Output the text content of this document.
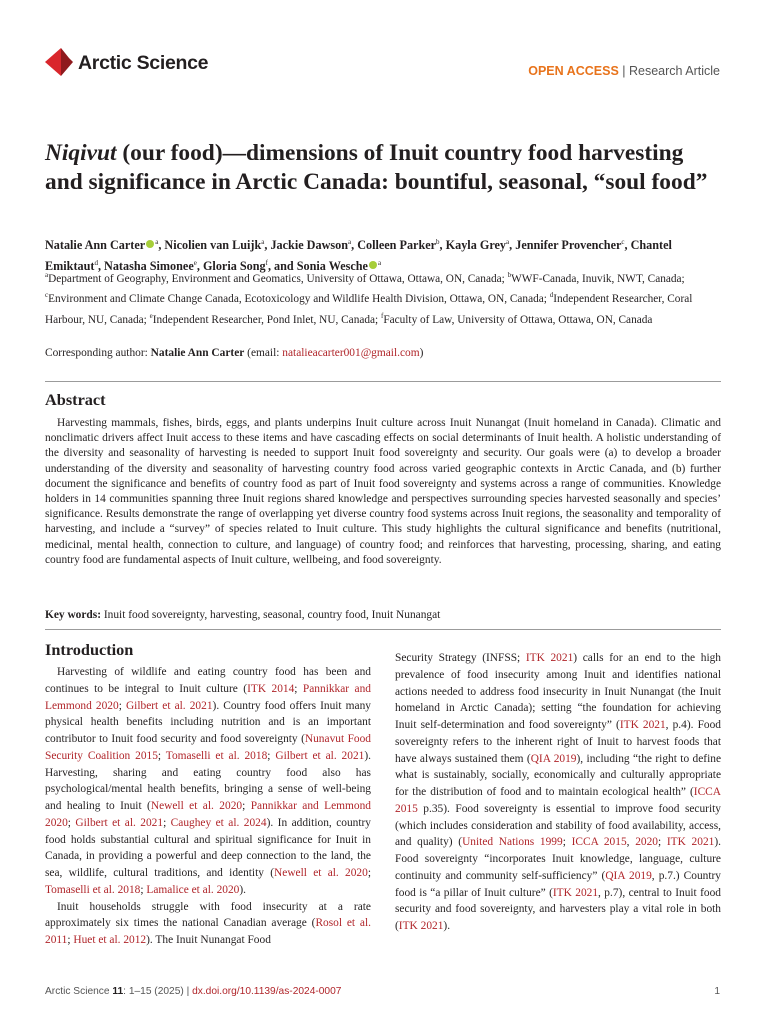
Arctic Science	OPEN ACCESS | Research Article
Niqivut (our food)—dimensions of Inuit country food harvesting and significance in Arctic Canada: bountiful, seasonal, “soul food”

Natalie Ann Carter $^a$, Nicolien van Luijk$^a$, Jackie Dawson$^a$, Colleen Parker$^b$, Kayla Grey$^a$, Jennifer Provencher$^c$, Chantel Emiktaut$^d$, Natasha Simonee$^e$, Gloria Song$^f$, and Sonia Wesche $^a$

$^a$Department of Geography, Environment and Geomatics, University of Ottawa, Ottawa, ON, Canada; $^b$WWF-Canada, Inuvik, NWT, Canada; $^c$Environment and Climate Change Canada, Ecotoxicology and Wildlife Health Division, Ottawa, ON, Canada; $^d$Independent Researcher, Coral Harbour, NU, Canada; $^e$Independent Researcher, Pond Inlet, NU, Canada; $^f$Faculty of Law, University of Ottawa, Ottawa, ON, Canada

Corresponding author: Natalie Ann Carter (email: natalieacarter001@gmail.com)

Abstract

Harvesting mammals, fishes, birds, eggs, and plants underpins Inuit culture across Inuit Nunangat (Inuit homeland in Canada). Climatic and nonclimatic drivers affect Inuit access to these items and have cascading effects on social determinants of Inuit health. A holistic understanding of the diversity and seasonality of harvesting is needed to support Inuit food sovereignty and security. Our goals were (a) to develop a broader understanding of the diversity and seasonality of harvesting country food across varied geographic contexts in Arctic Canada, and (b) further document the significance and benefits of country food as part of Inuit food sovereignty and systems across a range of communities. Knowledge holders in 14 communities spanning three Inuit regions shared knowledge and perspectives surrounding species harvested seasonally and species’ significance. Results demonstrate the range of overlapping yet diverse country food systems across Inuit regions, the seasonality and temporality of harvesting, and include a “survey” of species related to Inuit culture. This study highlights the cultural significance and benefits (nutritional, medicinal, mental health, connection to culture, and language) of country food; and reinforces that harvesting, processing, sharing, and eating country food are fundamental aspects of Inuit culture, wellbeing, and food sovereignty.

Key words: Inuit food sovereignty, harvesting, seasonal, country food, Inuit Nunangat

Introduction

Harvesting of wildlife and eating country food has been and continues to be integral to Inuit culture (ITK 2014; Pannikkar and Lemmond 2020; Gilbert et al. 2021). Country food offers Inuit many physical health benefits including nutrition and is an important contributor to Inuit food security and food sovereignty (Nunavut Food Security Coalition 2015; Tomaselli et al. 2018; Gilbert et al. 2021). Harvesting, sharing and eating country food also has psychological/mental health benefits, bringing a sense of well-being and healing to Inuit (Newell et al. 2020; Pannikkar and Lemmond 2020; Gilbert et al. 2021; Caughey et al. 2024). In addition, country food holds substantial cultural and spiritual significance for Inuit in Canada, in providing a powerful and deep connection to the land, the sea, wildlife, cultural traditions, and identity (Newell et al. 2020; Tomaselli et al. 2018; Lamalice et al. 2020).

Inuit households struggle with food insecurity at a rate approximately six times the national Canadian average (Rosol et al. 2011; Huet et al. 2012). The Inuit Nunangat Food

Security Strategy (INFSS; ITK 2021) calls for an end to the high prevalence of food insecurity among Inuit and identifies national actions needed to address food insecurity in Inuit Nunangat (the Inuit homeland in Arctic Canada); setting “the foundation for achieving Inuit self-determination and food sovereignty” (ITK 2021, p.4). Food sovereignty refers to the inherent right of Inuit to harvest foods that have always sustained them (QIA 2019), including “the right to define what is sustainably, socially, economically and culturally appropriate for the distribution of food and to maintain ecological health” (ICCA 2015 p.35). Food sovereignty is essential to improve food security (which includes consideration and stability of food availability, access, and quality) (United Nations 1999; ICCA 2015, 2020; ITK 2021). Food sovereignty “incorporates Inuit knowledge, language, culture continuity and community self-sufficiency” (QIA 2019, p.7.) Country food is “a pillar of Inuit culture” (ITK 2021, p.7), central to Inuit food security and food sovereignty, and harvesters play a vital role in both (ITK 2021).

Arctic Science 11: 1–15 (2025) | dx.doi.org/10.1139/as-2024-0007	1
